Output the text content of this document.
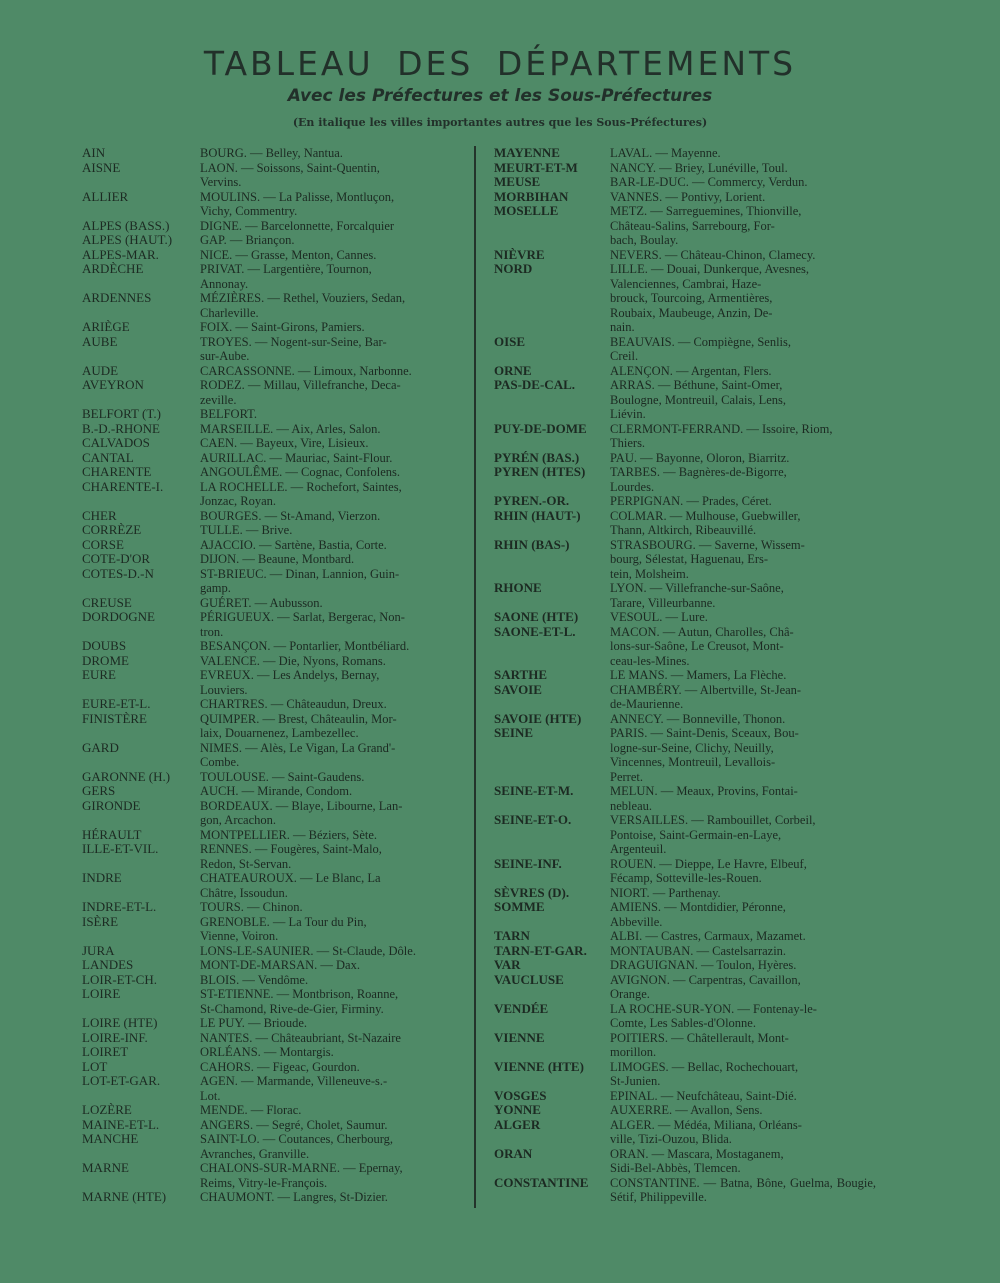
TABLEAU DES DÉPARTEMENTS
Avec les Préfectures et les Sous-Préfectures
(En italique les villes importantes autres que les Sous-Préfectures)
AIN	BOURG. — Belley, Nantua.
AISNE	LAON. — Soissons, Saint-Quentin,
Vervins.
ALLIER	MOULINS. — La Palisse, Montluçon,
Vichy, Commentry.
ALPES (BASS.)	DIGNE. — Barcelonnette, Forcalquier
ALPES (HAUT.)	GAP. — Briançon.
ALPES-MAR.	NICE. — Grasse, Menton, Cannes.
ARDÈCHE	PRIVAT. — Largentière, Tournon,
Annonay.
ARDENNES	MÉZIÈRES. — Rethel, Vouziers, Sedan,
Charleville.
ARIÈGE	FOIX. — Saint-Girons, Pamiers.
AUBE	TROYES. — Nogent-sur-Seine, Bar-
sur-Aube.
AUDE	CARCASSONNE. — Limoux, Narbonne.
AVEYRON	RODEZ. — Millau, Villefranche, Deca-
zeville.
BELFORT (T.)	BELFORT.
B.-D.-RHONE	MARSEILLE. — Aix, Arles, Salon.
CALVADOS	CAEN. — Bayeux, Vire, Lisieux.
CANTAL	AURILLAC. — Mauriac, Saint-Flour.
CHARENTE	ANGOULÊME. — Cognac, Confolens.
CHARENTE-I.	LA ROCHELLE. — Rochefort, Saintes,
Jonzac, Royan.
CHER	BOURGES. — St-Amand, Vierzon.
CORRÈZE	TULLE. — Brive.
CORSE	AJACCIO. — Sartène, Bastia, Corte.
COTE-D'OR	DIJON. — Beaune, Montbard.
COTES-D.-N	ST-BRIEUC. — Dinan, Lannion, Guin-
gamp.
CREUSE	GUÉRET. — Aubusson.
DORDOGNE	PÉRIGUEUX. — Sarlat, Bergerac, Non-
tron.
DOUBS	BESANÇON. — Pontarlier, Montbéliard.
DROME	VALENCE. — Die, Nyons, Romans.
EURE	EVREUX. — Les Andelys, Bernay,
Louviers.
EURE-ET-L.	CHARTRES. — Châteaudun, Dreux.
FINISTÈRE	QUIMPER. — Brest, Châteaulin, Mor-
laix, Douarnenez, Lambezellec.
GARD	NIMES. — Alès, Le Vigan, La Grand'-
Combe.
GARONNE (H.)	TOULOUSE. — Saint-Gaudens.
GERS	AUCH. — Mirande, Condom.
GIRONDE	BORDEAUX. — Blaye, Libourne, Lan-
gon, Arcachon.
HÉRAULT	MONTPELLIER. — Béziers, Sète.
ILLE-ET-VIL.	RENNES. — Fougères, Saint-Malo,
Redon, St-Servan.
INDRE	CHATEAUROUX. — Le Blanc, La
Châtre, Issoudun.
INDRE-ET-L.	TOURS. — Chinon.
ISÈRE	GRENOBLE. — La Tour du Pin,
Vienne, Voiron.
JURA	LONS-LE-SAUNIER. — St-Claude, Dôle.
LANDES	MONT-DE-MARSAN. — Dax.
LOIR-ET-CH.	BLOIS. — Vendôme.
LOIRE	ST-ETIENNE. — Montbrison, Roanne,
St-Chamond, Rive-de-Gier, Firminy.
LOIRE (HTE)	LE PUY. — Brioude.
LOIRE-INF.	NANTES. — Châteaubriant, St-Nazaire
LOIRET	ORLÉANS. — Montargis.
LOT	CAHORS. — Figeac, Gourdon.
LOT-ET-GAR.	AGEN. — Marmande, Villeneuve-s.-
Lot.
LOZÈRE	MENDE. — Florac.
MAINE-ET-L.	ANGERS. — Segré, Cholet, Saumur.
MANCHE	SAINT-LO. — Coutances, Cherbourg,
Avranches, Granville.
MARNE	CHALONS-SUR-MARNE. — Epernay,
Reims, Vitry-le-François.
MARNE (HTE)	CHAUMONT. — Langres, St-Dizier.
MAYENNE	LAVAL. — Mayenne.
MEURT-ET-M	NANCY. — Briey, Lunéville, Toul.
MEUSE	BAR-LE-DUC. — Commercy, Verdun.
MORBIHAN	VANNES. — Pontivy, Lorient.
MOSELLE	METZ. — Sarreguemines, Thionville,
Château-Salins, Sarrebourg, For-
bach, Boulay.
NIÈVRE	NEVERS. — Château-Chinon, Clamecy.
NORD	LILLE. — Douai, Dunkerque, Avesnes,
Valenciennes, Cambrai, Haze-
brouck, Tourcoing, Armentières,
Roubaix, Maubeuge, Anzin, De-
nain.
OISE	BEAUVAIS. — Compiègne, Senlis,
Creil.
ORNE	ALENÇON. — Argentan, Flers.
PAS-DE-CAL.	ARRAS. — Béthune, Saint-Omer,
Boulogne, Montreuil, Calais, Lens,
Liévin.
PUY-DE-DOME	CLERMONT-FERRAND. — Issoire, Riom,
Thiers.
PYRÉN (BAS.)	PAU. — Bayonne, Oloron, Biarritz.
PYREN (HTES)	TARBES. — Bagnères-de-Bigorre,
Lourdes.
PYREN.-OR.	PERPIGNAN. — Prades, Céret.
RHIN (HAUT-)	COLMAR. — Mulhouse, Guebwiller,
Thann, Altkirch, Ribeauvillé.
RHIN (BAS-)	STRASBOURG. — Saverne, Wissem-
bourg, Sélestat, Haguenau, Ers-
tein, Molsheim.
RHONE	LYON. — Villefranche-sur-Saône,
Tarare, Villeurbanne.
SAONE (HTE)	VESOUL. — Lure.
SAONE-ET-L.	MACON. — Autun, Charolles, Châ-
lons-sur-Saône, Le Creusot, Mont-
ceau-les-Mines.
SARTHE	LE MANS. — Mamers, La Flèche.
SAVOIE	CHAMBÉRY. — Albertville, St-Jean-
de-Maurienne.
SAVOIE (HTE)	ANNECY. — Bonneville, Thonon.
SEINE	PARIS. — Saint-Denis, Sceaux, Bou-
logne-sur-Seine, Clichy, Neuilly,
Vincennes, Montreuil, Levallois-
Perret.
SEINE-ET-M.	MELUN. — Meaux, Provins, Fontai-
nebleau.
SEINE-ET-O.	VERSAILLES. — Rambouillet, Corbeil,
Pontoise, Saint-Germain-en-Laye,
Argenteuil.
SEINE-INF.	ROUEN. — Dieppe, Le Havre, Elbeuf,
Fécamp, Sotteville-les-Rouen.
SÈVRES (D).	NIORT. — Parthenay.
SOMME	AMIENS. — Montdidier, Péronne,
Abbeville.
TARN	ALBI. — Castres, Carmaux, Mazamet.
TARN-ET-GAR.	MONTAUBAN. — Castelsarrazin.
VAR	DRAGUIGNAN. — Toulon, Hyères.
VAUCLUSE	AVIGNON. — Carpentras, Cavaillon,
Orange.
VENDÉE	LA ROCHE-SUR-YON. — Fontenay-le-
Comte, Les Sables-d'Olonne.
VIENNE	POITIERS. — Châtellerault, Mont-
morillon.
VIENNE (HTE)	LIMOGES. — Bellac, Rochechouart,
St-Junien.
VOSGES	EPINAL. — Neufchâteau, Saint-Dié.
YONNE	AUXERRE. — Avallon, Sens.
ALGER	ALGER. — Médéa, Miliana, Orléans-
ville, Tizi-Ouzou, Blida.
ORAN	ORAN. — Mascara, Mostaganem,
Sidi-Bel-Abbès, Tlemcen.
CONSTANTINE	CONSTANTINE. — Batna, Bône, Guelma, Bougie, Sétif, Philippeville.
